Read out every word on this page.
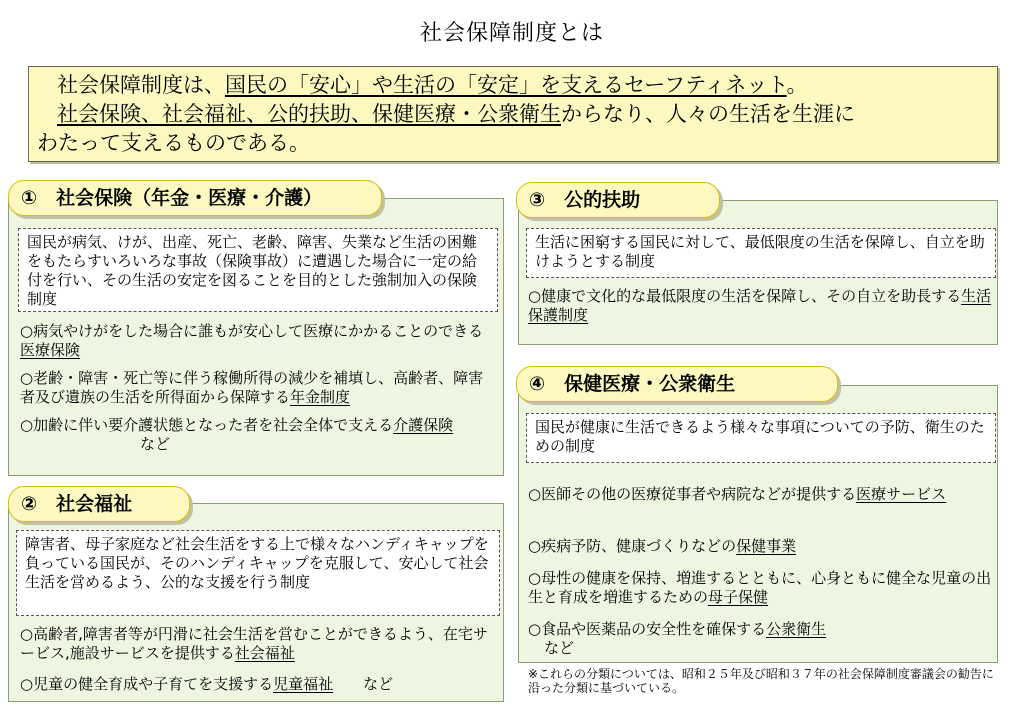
社会保障制度とは

社会保障制度は、国民の「安心」や生活の「安定」を支えるセーフティネット。

社会保険、社会福祉、公的扶助、保健医療・公衆衛生からなり、人々の生活を生涯に

わたって支えるものである。

①　社会保険（年金・医療・介護）
国民が病気、けが、出産、死亡、老齢、障害、失業など生活の困難をもたらすいろいろな事故（保険事故）に遭遇した場合に一定の給付を行い、その生活の安定を図ることを目的とした強制加入の保険制度
○病気やけがをした場合に誰もが安心して医療にかかることのできる医療保険
○老齢・障害・死亡等に伴う稼働所得の減少を補填し、高齢者、障害者及び遺族の生活を所得面から保障する年金制度
○加齢に伴い要介護状態となった者を社会全体で支える介護保険など
②　社会福祉
障害者、母子家庭など社会生活をする上で様々なハンディキャップを負っている国民が、そのハンディキャップを克服して、安心して社会生活を営めるよう、公的な支援を行う制度
○高齢者,障害者等が円滑に社会生活を営むことができるよう、在宅サービス,施設サービスを提供する社会福祉
○児童の健全育成や子育てを支援する児童福祉 など
③　公的扶助
生活に困窮する国民に対して、最低限度の生活を保障し、自立を助けようとする制度
○健康で文化的な最低限度の生活を保障し、その自立を助長する生活保護制度
④　保健医療・公衆衛生
国民が健康に生活できるよう様々な事項についての予防、衛生のための制度
○医師その他の医療従事者や病院などが提供する医療サービス
○疾病予防、健康づくりなどの保健事業
○母性の健康を保持、増進するとともに、心身ともに健全な児童の出生と育成を増進するための母子保健
○食品や医薬品の安全性を確保する公衆衛生
など
※これらの分類については、昭和２５年及び昭和３７年の社会保障制度審議会の勧告に沿った分類に基づいている。
